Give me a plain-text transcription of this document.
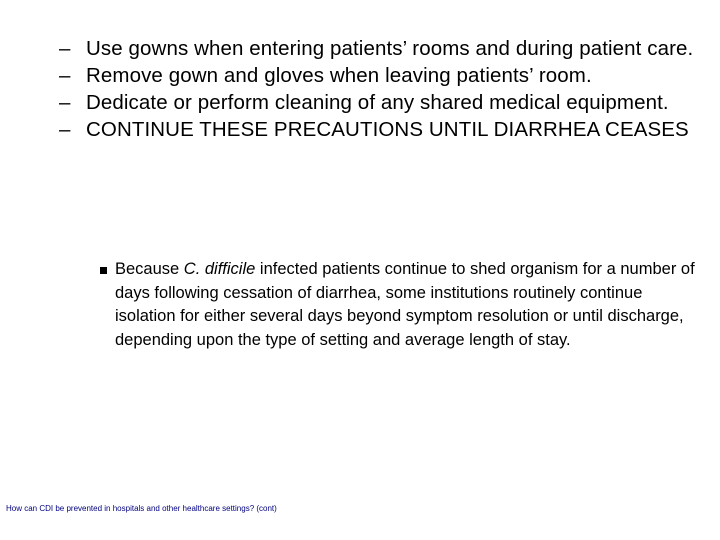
– Use gowns when entering patients’ rooms and during patient care.
– Remove gown and gloves when leaving patients’ room.
– Dedicate or perform cleaning of any shared medical equipment.
– CONTINUE THESE PRECAUTIONS UNTIL DIARRHEA CEASES
Because C. difficile infected patients continue to shed organism for a number of days following cessation of diarrhea, some institutions routinely continue isolation for either several days beyond symptom resolution or until discharge, depending upon the type of setting and average length of stay.
How can CDI be prevented in hospitals and other healthcare settings? (cont)
